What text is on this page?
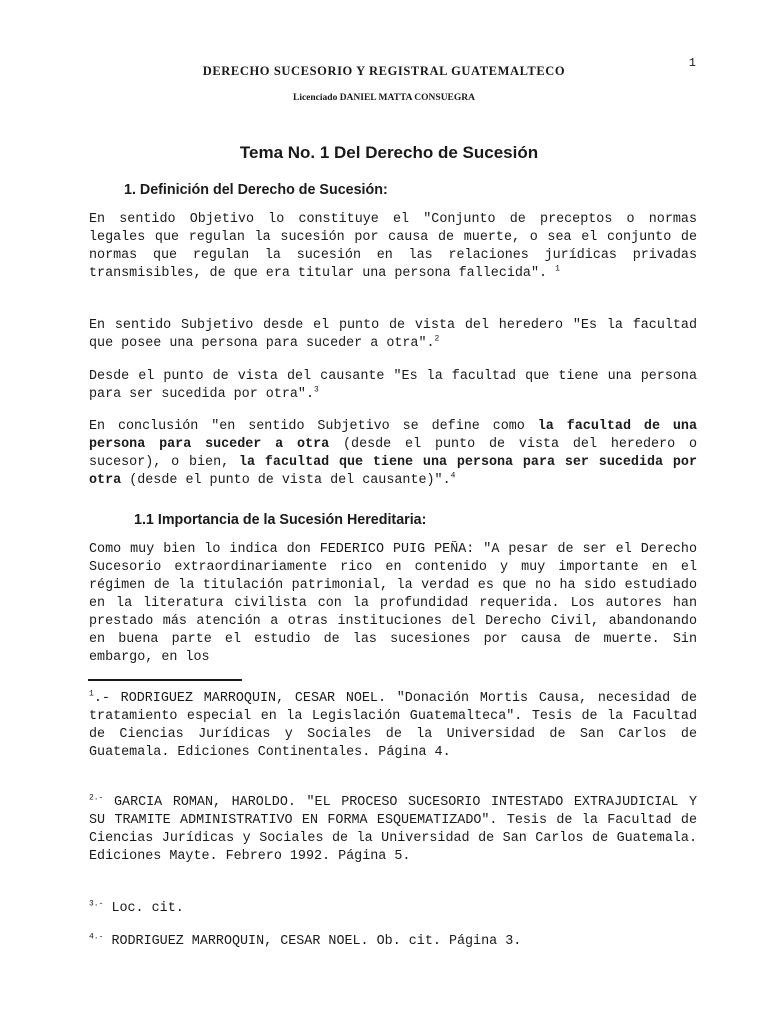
1
DERECHO SUCESORIO Y REGISTRAL GUATEMALTECO
Licenciado DANIEL MATTA CONSUEGRA
Tema No. 1 Del Derecho de Sucesión
1. Definición del Derecho de Sucesión:

En sentido Objetivo lo constituye el "Conjunto de preceptos o normas legales que regulan la sucesión por causa de muerte, o sea el conjunto de normas que regulan la sucesión en las relaciones jurídicas privadas transmisibles, de que era titular una persona fallecida". $^1$

En sentido Subjetivo desde el punto de vista del heredero "Es la facultad que posee una persona para suceder a otra".$^2$

Desde el punto de vista del causante "Es la facultad que tiene una persona para ser sucedida por otra".$^3$

En conclusión "en sentido Subjetivo se define como la facultad de una persona para suceder a otra (desde el punto de vista del heredero o sucesor), o bien, la facultad que tiene una persona para ser sucedida por otra (desde el punto de vista del causante)".$^4$

1.1 Importancia de la Sucesión Hereditaria:
Como muy bien lo indica don FEDERICO PUIG PEÑA: "A pesar de ser el Derecho Sucesorio extraordinariamente rico en contenido y muy importante en el régimen de la titulación patrimonial, la verdad es que no ha sido estudiado en la literatura civilista con la profundidad requerida. Los autores han prestado más atención a otras instituciones del Derecho Civil, abandonando en buena parte el estudio de las sucesiones por causa de muerte. Sin embargo, en los

$^1$.- RODRIGUEZ MARROQUIN, CESAR NOEL. "Donación Mortis Causa, necesidad de tratamiento especial en la Legislación Guatemalteca". Tesis de la Facultad de Ciencias Jurídicas y Sociales de la Universidad de San Carlos de Guatemala. Ediciones Continentales. Página 4.

$^{2.-}$ GARCIA ROMAN, HAROLDO. "EL PROCESO SUCESORIO INTESTADO EXTRAJUDICIAL Y SU TRAMITE ADMINISTRATIVO EN FORMA ESQUEMATIZADO". Tesis de la Facultad de Ciencias Jurídicas y Sociales de la Universidad de San Carlos de Guatemala. Ediciones Mayte. Febrero 1992. Página 5.

$^{3.-}$ Loc. cit.

$^{4.-}$ RODRIGUEZ MARROQUIN, CESAR NOEL. Ob. cit. Página 3.
